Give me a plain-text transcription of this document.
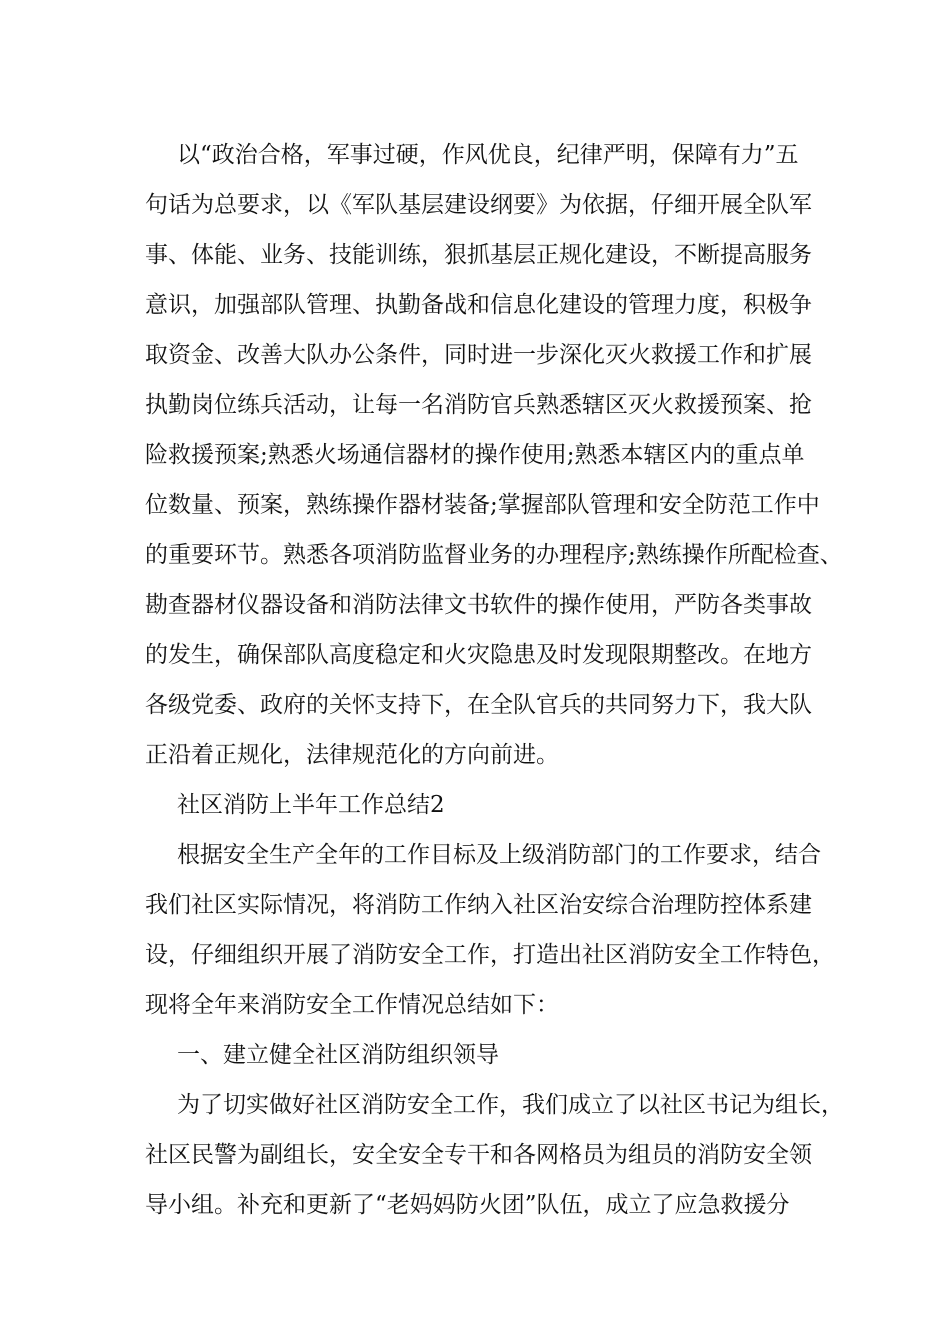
以“政治合格，军事过硬，作风优良，纪律严明，保障有力”五
句话为总要求，以《军队基层建设纲要》为依据，仔细开展全队军
事、体能、业务、技能训练，狠抓基层正规化建设，不断提高服务
意识，加强部队管理、执勤备战和信息化建设的管理力度，积极争
取资金、改善大队办公条件，同时进一步深化灭火救援工作和扩展
执勤岗位练兵活动，让每一名消防官兵熟悉辖区灭火救援预案、抢
险救援预案;熟悉火场通信器材的操作使用;熟悉本辖区内的重点单
位数量、预案，熟练操作器材装备;掌握部队管理和安全防范工作中
的重要环节。熟悉各项消防监督业务的办理程序;熟练操作所配检查、
勘查器材仪器设备和消防法律文书软件的操作使用，严防各类事故
的发生，确保部队高度稳定和火灾隐患及时发现限期整改。在地方
各级党委、政府的关怀支持下，在全队官兵的共同努力下，我大队
正沿着正规化，法律规范化的方向前进。
社区消防上半年工作总结2
根据安全生产全年的工作目标及上级消防部门的工作要求，结合
我们社区实际情况，将消防工作纳入社区治安综合治理防控体系建
设，仔细组织开展了消防安全工作，打造出社区消防安全工作特色，
现将全年来消防安全工作情况总结如下：
一、建立健全社区消防组织领导
为了切实做好社区消防安全工作，我们成立了以社区书记为组长，
社区民警为副组长，安全安全专干和各网格员为组员的消防安全领
导小组。补充和更新了“老妈妈防火团”队伍，成立了应急救援分
